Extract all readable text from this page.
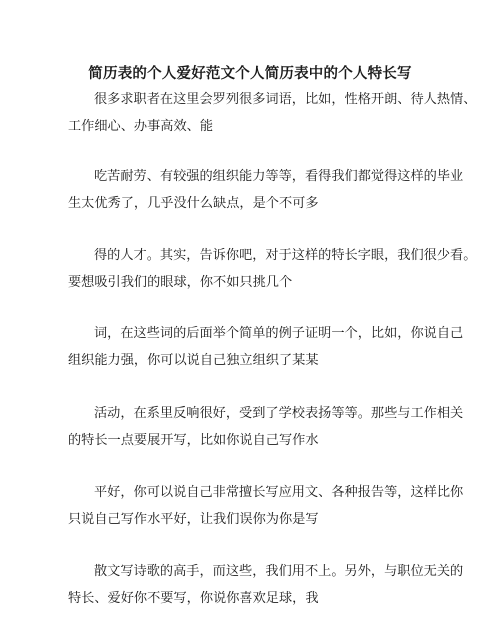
简历表的个人爱好范文个人简历表中的个人特长写
很多求职者在这里会罗列很多词语，比如，性格开朗、待人热情、
工作细心、办事高效、能
吃苦耐劳、有较强的组织能力等等，看得我们都觉得这样的毕业
生太优秀了，几乎没什么缺点，是个不可多
得的人才。其实，告诉你吧，对于这样的特长字眼，我们很少看。
要想吸引我们的眼球，你不如只挑几个
词，在这些词的后面举个简单的例子证明一个，比如，你说自己
组织能力强，你可以说自己独立组织了某某
活动，在系里反响很好，受到了学校表扬等等。那些与工作相关
的特长一点要展开写，比如你说自己写作水
平好，你可以说自己非常擅长写应用文、各种报告等，这样比你
只说自己写作水平好，让我们误你为你是写
散文写诗歌的高手，而这些，我们用不上。另外，与职位无关的
特长、爱好你不要写，你说你喜欢足球，我
